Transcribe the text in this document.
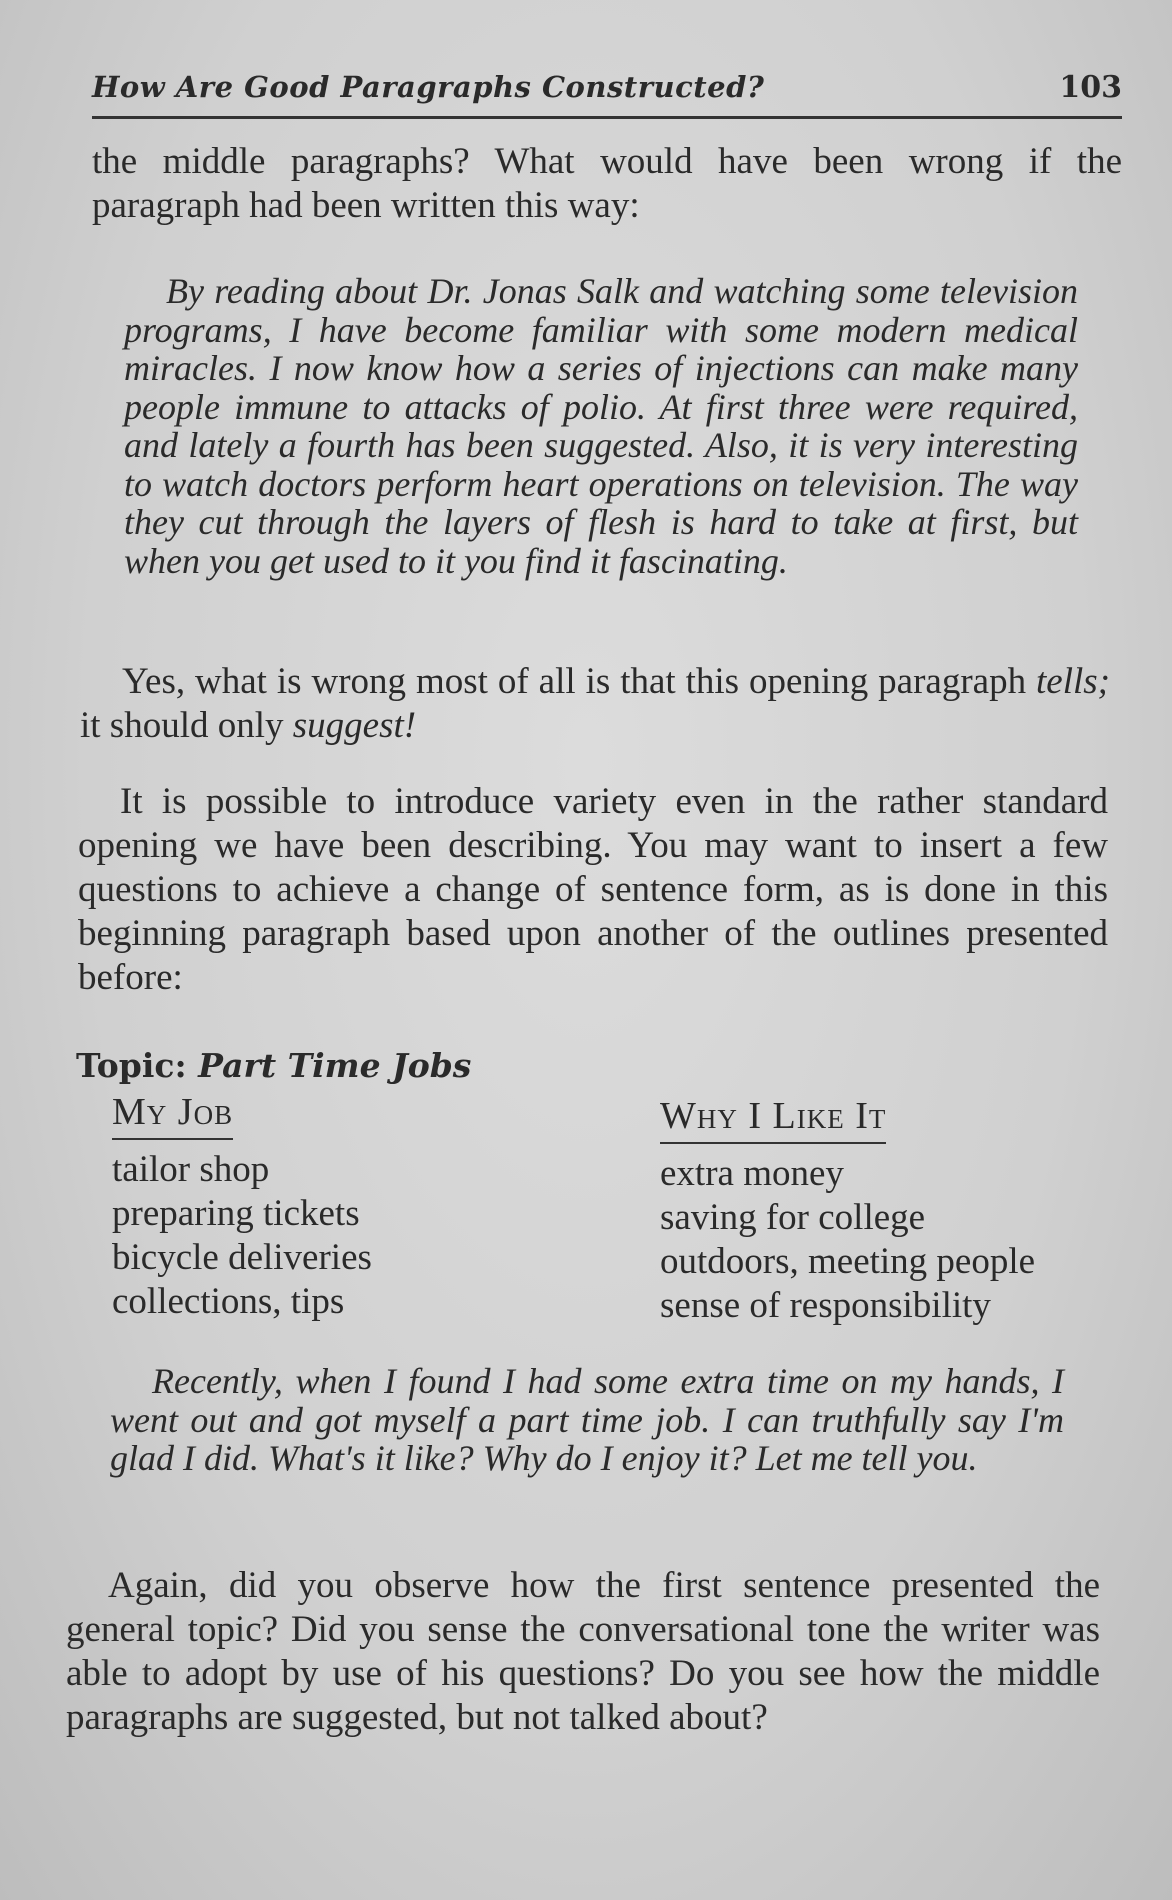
How Are Good Paragraphs Constructed?	103

the middle paragraphs? What would have been wrong if the paragraph had been written this way:

By reading about Dr. Jonas Salk and watching some television programs, I have become familiar with some modern medical miracles. I now know how a series of injections can make many people immune to attacks of polio. At first three were required, and lately a fourth has been suggested. Also, it is very interesting to watch doctors perform heart operations on television. The way they cut through the layers of flesh is hard to take at first, but when you get used to it you find it fascinating.

Yes, what is wrong most of all is that this opening paragraph tells; it should only suggest!

It is possible to introduce variety even in the rather standard opening we have been describing. You may want to insert a few questions to achieve a change of sentence form, as is done in this beginning paragraph based upon another of the outlines presented before:

Topic: Part Time Jobs
My Job
tailor shop
preparing tickets
bicycle deliveries
collections, tips
Why I Like It
extra money
saving for college
outdoors, meeting people
sense of responsibility

Recently, when I found I had some extra time on my hands, I went out and got myself a part time job. I can truthfully say I'm glad I did. What's it like? Why do I enjoy it? Let me tell you.

Again, did you observe how the first sentence presented the general topic? Did you sense the conversational tone the writer was able to adopt by use of his questions? Do you see how the middle paragraphs are suggested, but not talked about?
